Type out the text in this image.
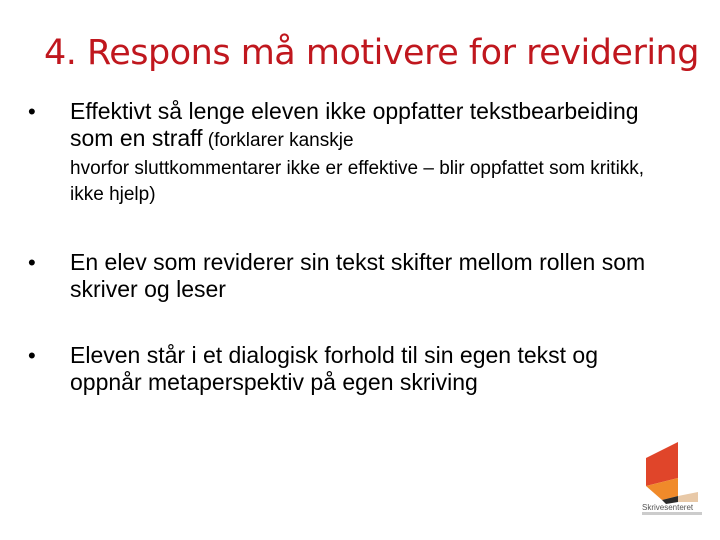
4. Respons må motivere for revidering
•	Effektivt så lenge eleven ikke oppfatter tekstbearbeiding som en straff (forklarer kanskje
hvorfor sluttkommentarer ikke er effektive – blir oppfattet som kritikk, ikke hjelp)
•	En elev som reviderer sin tekst skifter mellom rollen som skriver og leser
•	Eleven står i et dialogisk forhold til sin egen tekst og oppnår metaperspektiv på egen skriving
Skrivesenteret
